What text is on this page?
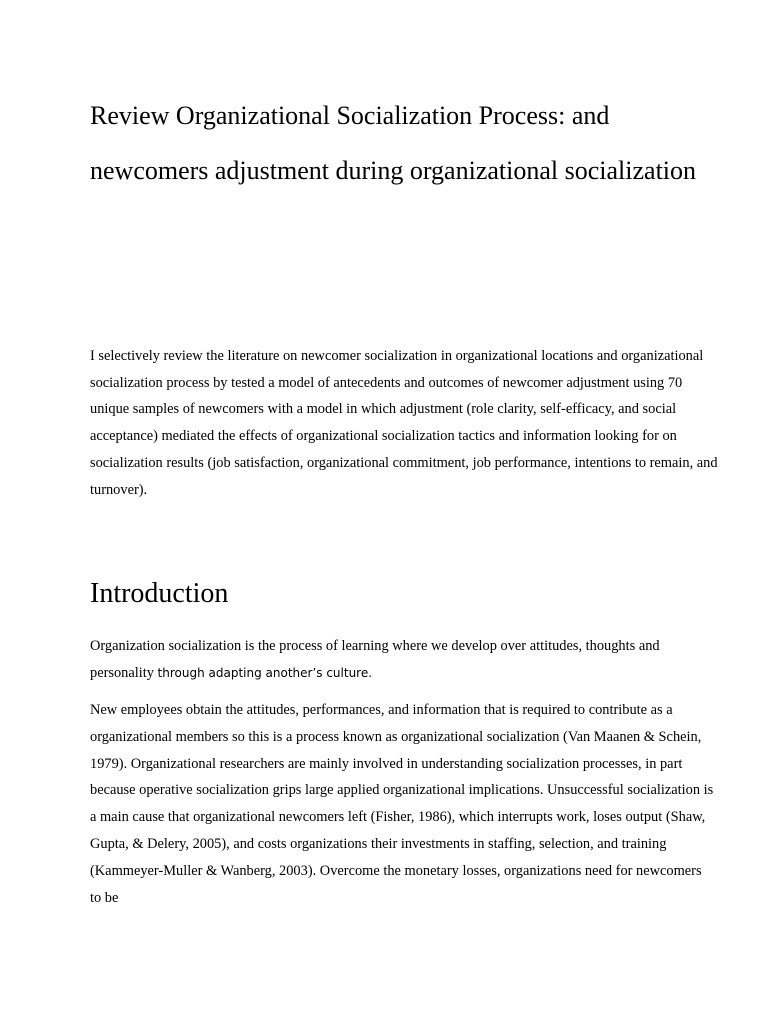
Review Organizational Socialization Process: and newcomers adjustment during organizational socialization

I selectively review the literature on newcomer socialization in organizational locations and organizational socialization process by tested a model of antecedents and outcomes of newcomer adjustment using 70 unique samples of newcomers with a model in which adjustment (role clarity, self-efficacy, and social acceptance) mediated the effects of organizational socialization tactics and information looking for on socialization results (job satisfaction, organizational commitment, job performance, intentions to remain, and turnover).

Introduction

Organization socialization is the process of learning where we develop over attitudes, thoughts and personality through adapting another’s culture.

New employees obtain the attitudes, performances, and information that is required to contribute as a organizational members so this is a process known as organizational socialization (Van Maanen & Schein, 1979). Organizational researchers are mainly involved in understanding socialization processes, in part because operative socialization grips large applied organizational implications. Unsuccessful socialization is a main cause that organizational newcomers left (Fisher, 1986), which interrupts work, loses output (Shaw, Gupta, & Delery, 2005), and costs organizations their investments in staffing, selection, and training (Kammeyer-Muller & Wanberg, 2003). Overcome the monetary losses, organizations need for newcomers to be
